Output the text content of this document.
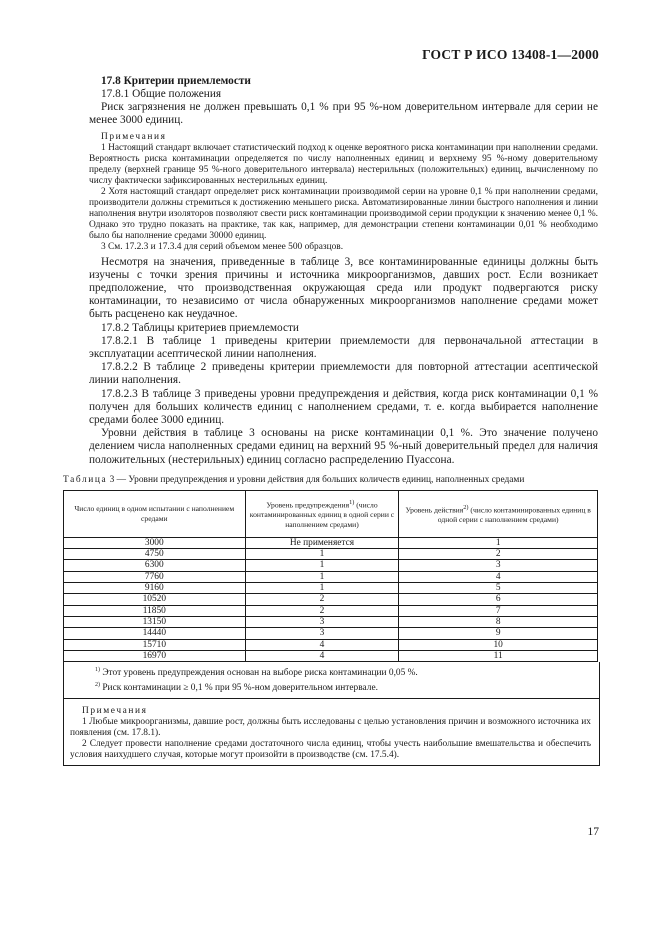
ГОСТ Р ИСО 13408-1—2000

17.8 Критерии приемлемости

17.8.1 Общие положения

Риск загрязнения не должен превышать 0,1 % при 95 %-ном доверительном интервале для серии не менее 3000 единиц.

Примечания

1 Настоящий стандарт включает статистический подход к оценке вероятного риска контаминации при наполнении средами. Вероятность риска контаминации определяется по числу наполненных единиц и верхнему 95 %-ному доверительному пределу (верхней границе 95 %-ного доверительного интервала) нестерильных (положительных) единиц, вычисленному по числу фактически зафиксированных нестерильных единиц.

2 Хотя настоящий стандарт определяет риск контаминации производимой серии на уровне 0,1 % при наполнении средами, производители должны стремиться к достижению меньшего риска. Автоматизированные линии быстрого наполнения и линии наполнения внутри изоляторов позволяют свести риск контаминации производимой серии продукции к значению менее 0,1 %. Однако это трудно показать на практике, так как, например, для демонстрации степени контаминации 0,01 % необходимо было бы наполнение средами 30000 единиц.

3 См. 17.2.3 и 17.3.4 для серий объемом менее 500 образцов.

Несмотря на значения, приведенные в таблице 3, все контаминированные единицы должны быть изучены с точки зрения причины и источника микроорганизмов, давших рост. Если возникает предположение, что производственная окружающая среда или продукт подвергаются риску контаминации, то независимо от числа обнаруженных микроорганизмов наполнение средами может быть расценено как неудачное.

17.8.2 Таблицы критериев приемлемости

17.8.2.1 В таблице 1 приведены критерии приемлемости для первоначальной аттестации в эксплуатации асептической линии наполнения.

17.8.2.2 В таблице 2 приведены критерии приемлемости для повторной аттестации асептической линии наполнения.

17.8.2.3 В таблице 3 приведены уровни предупреждения и действия, когда риск контаминации 0,1 % получен для больших количеств единиц с наполнением средами, т. е. когда выбирается наполнение средами более 3000 единиц.

Уровни действия в таблице 3 основаны на риске контаминации 0,1 %. Это значение получено делением числа наполненных средами единиц на верхний 95 %-ный доверительный предел для наличия положительных (нестерильных) единиц согласно распределению Пуассона.

Таблица 3 — Уровни предупреждения и уровни действия для больших количеств единиц, наполненных средами

Число единиц в одном испытании с наполнением средами	Уровень предупреждения$^{1)}$ (число контаминированных единиц в одной серии с наполнением средами)	Уровень действия$^{2)}$ (число контаминированных единиц в одной серии с наполнением средами)
3000	Не применяется	1
4750	1	2
6300	1	3
7760	1	4
9160	1	5
10520	2	6
11850	2	7
13150	3	8
14440	3	9
15710	4	10
16970	4	11
$^{1)}$ Этот уровень предупреждения основан на выборе риска контаминации 0,05 %.
$^{2)}$ Риск контаминации ≥ 0,1 % при 95 %-ном доверительном интервале.

Примечания

1 Любые микроорганизмы, давшие рост, должны быть исследованы с целью установления причин и возможного источника их появления (см. 17.8.1).

2 Следует провести наполнение средами достаточного числа единиц, чтобы учесть наибольшие вмешательства и обеспечить условия наихудшего случая, которые могут произойти в производстве (см. 17.5.4).

17
